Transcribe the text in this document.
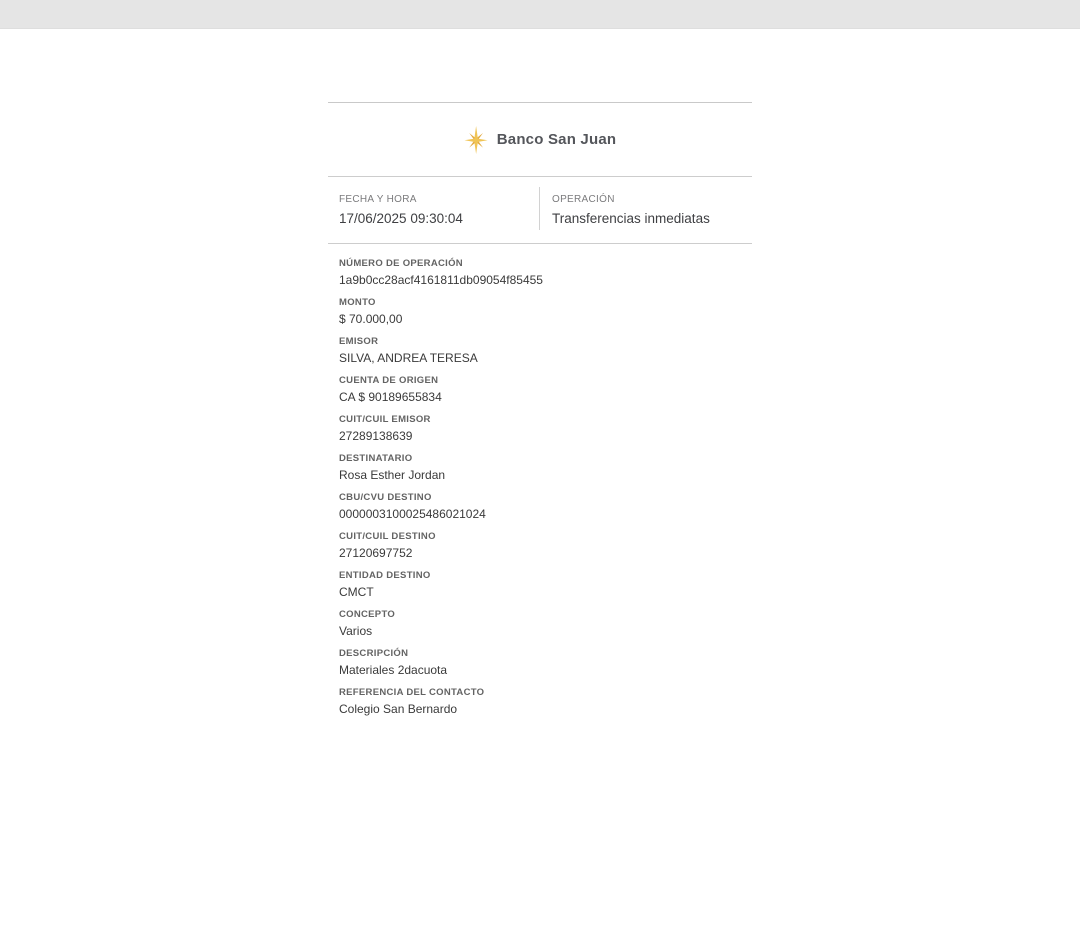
Banco San Juan
FECHA Y HORA
17/06/2025 09:30:04
OPERACIÓN
Transferencias inmediatas
NÚMERO DE OPERACIÓN
1a9b0cc28acf4161811db09054f85455
MONTO
$ 70.000,00
EMISOR
SILVA, ANDREA TERESA
CUENTA DE ORIGEN
CA $ 90189655834
CUIT/CUIL EMISOR
27289138639
DESTINATARIO
Rosa Esther Jordan
CBU/CVU DESTINO
0000003100025486021024
CUIT/CUIL DESTINO
27120697752
ENTIDAD DESTINO
CMCT
CONCEPTO
Varios
DESCRIPCIÓN
Materiales 2dacuota
REFERENCIA DEL CONTACTO
Colegio San Bernardo
